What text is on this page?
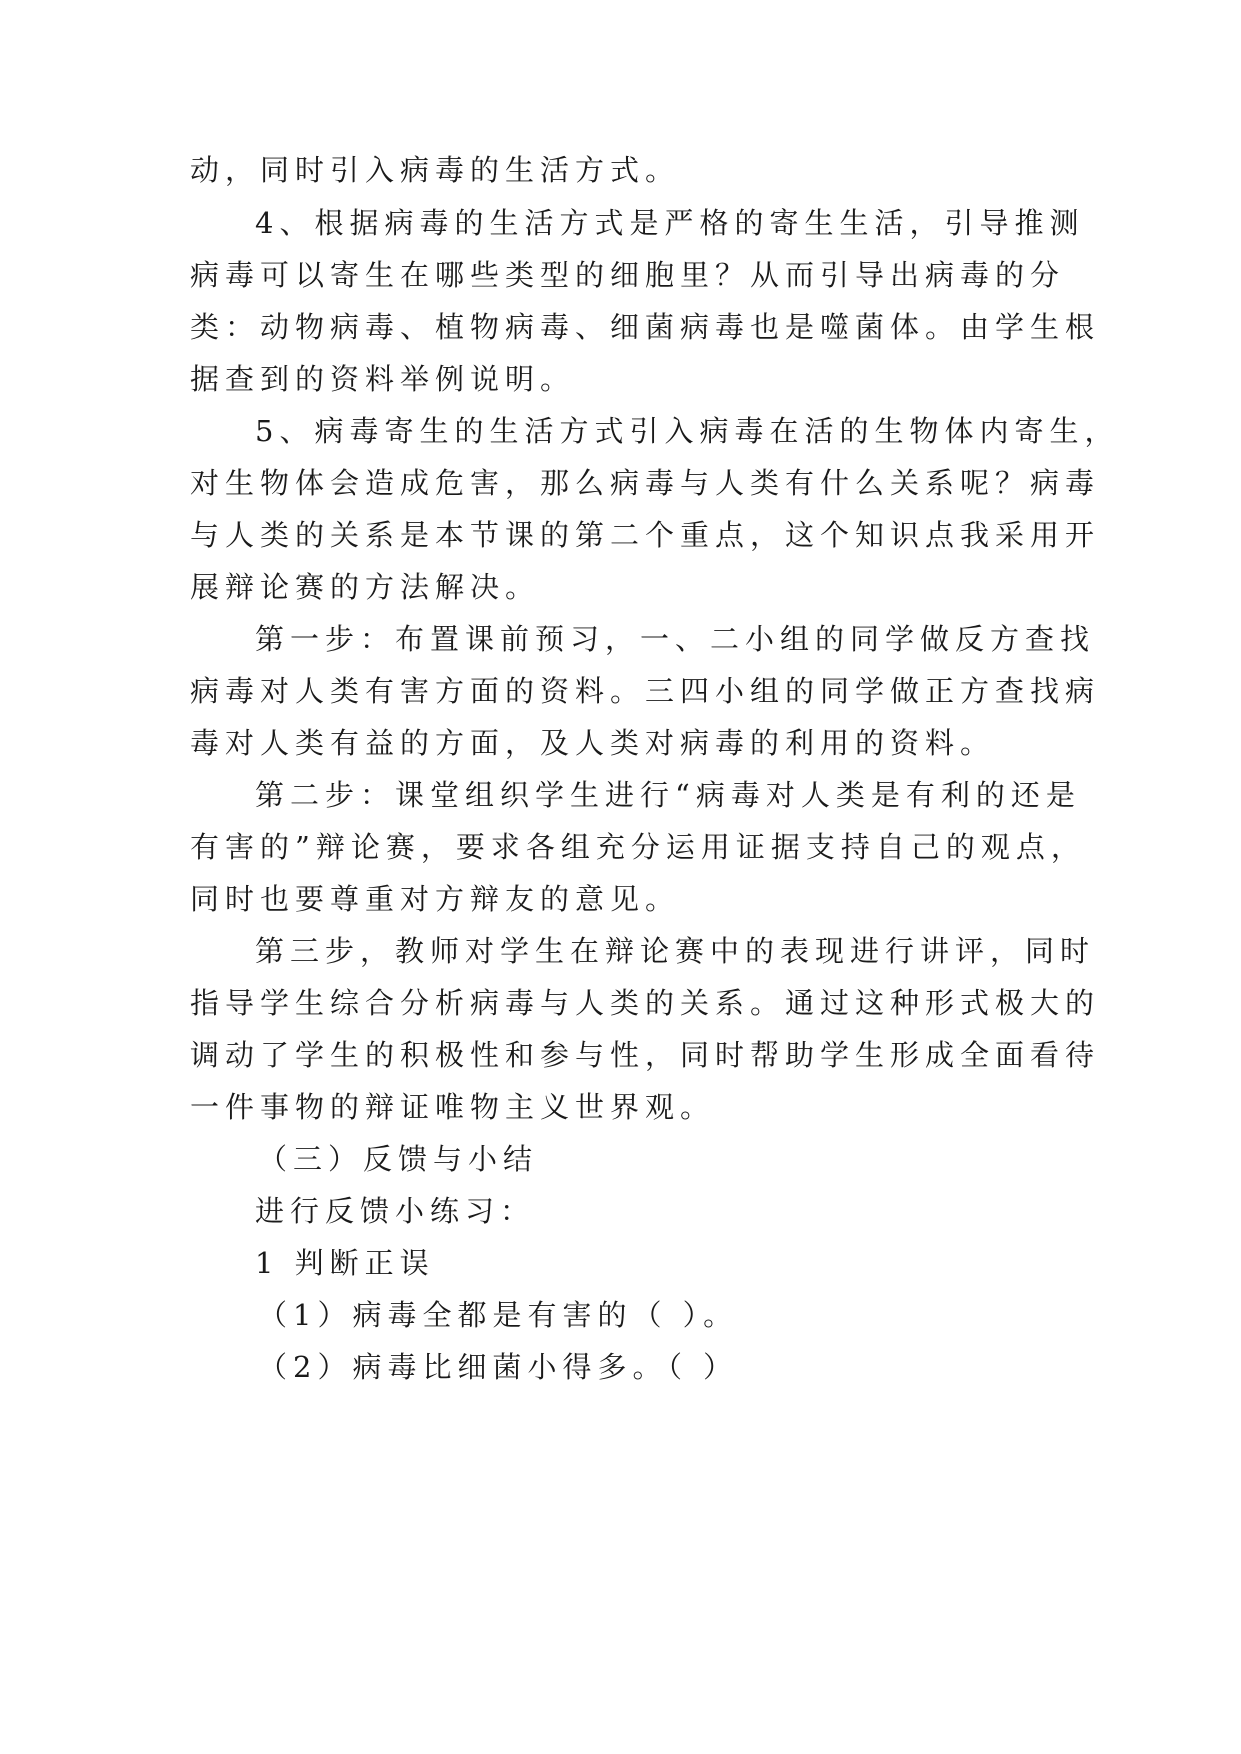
动，同时引入病毒的生活方式。
4、根据病毒的生活方式是严格的寄生生活，引导推测
病毒可以寄生在哪些类型的细胞里？从而引导出病毒的分
类：动物病毒、植物病毒、细菌病毒也是噬菌体。由学生根
据查到的资料举例说明。
5、病毒寄生的生活方式引入病毒在活的生物体内寄生，
对生物体会造成危害，那么病毒与人类有什么关系呢？病毒
与人类的关系是本节课的第二个重点，这个知识点我采用开
展辩论赛的方法解决。
第一步：布置课前预习，一、二小组的同学做反方查找
病毒对人类有害方面的资料。三四小组的同学做正方查找病
毒对人类有益的方面，及人类对病毒的利用的资料。
第二步：课堂组织学生进行“病毒对人类是有利的还是
有害的”辩论赛，要求各组充分运用证据支持自己的观点，
同时也要尊重对方辩友的意见。
第三步，教师对学生在辩论赛中的表现进行讲评，同时
指导学生综合分析病毒与人类的关系。通过这种形式极大的
调动了学生的积极性和参与性，同时帮助学生形成全面看待
一件事物的辩证唯物主义世界观。
（三）反馈与小结
进行反馈小练习：
1 判断正误
（1）病毒全都是有害的（ ）。
（2）病毒比细菌小得多。（ ）
